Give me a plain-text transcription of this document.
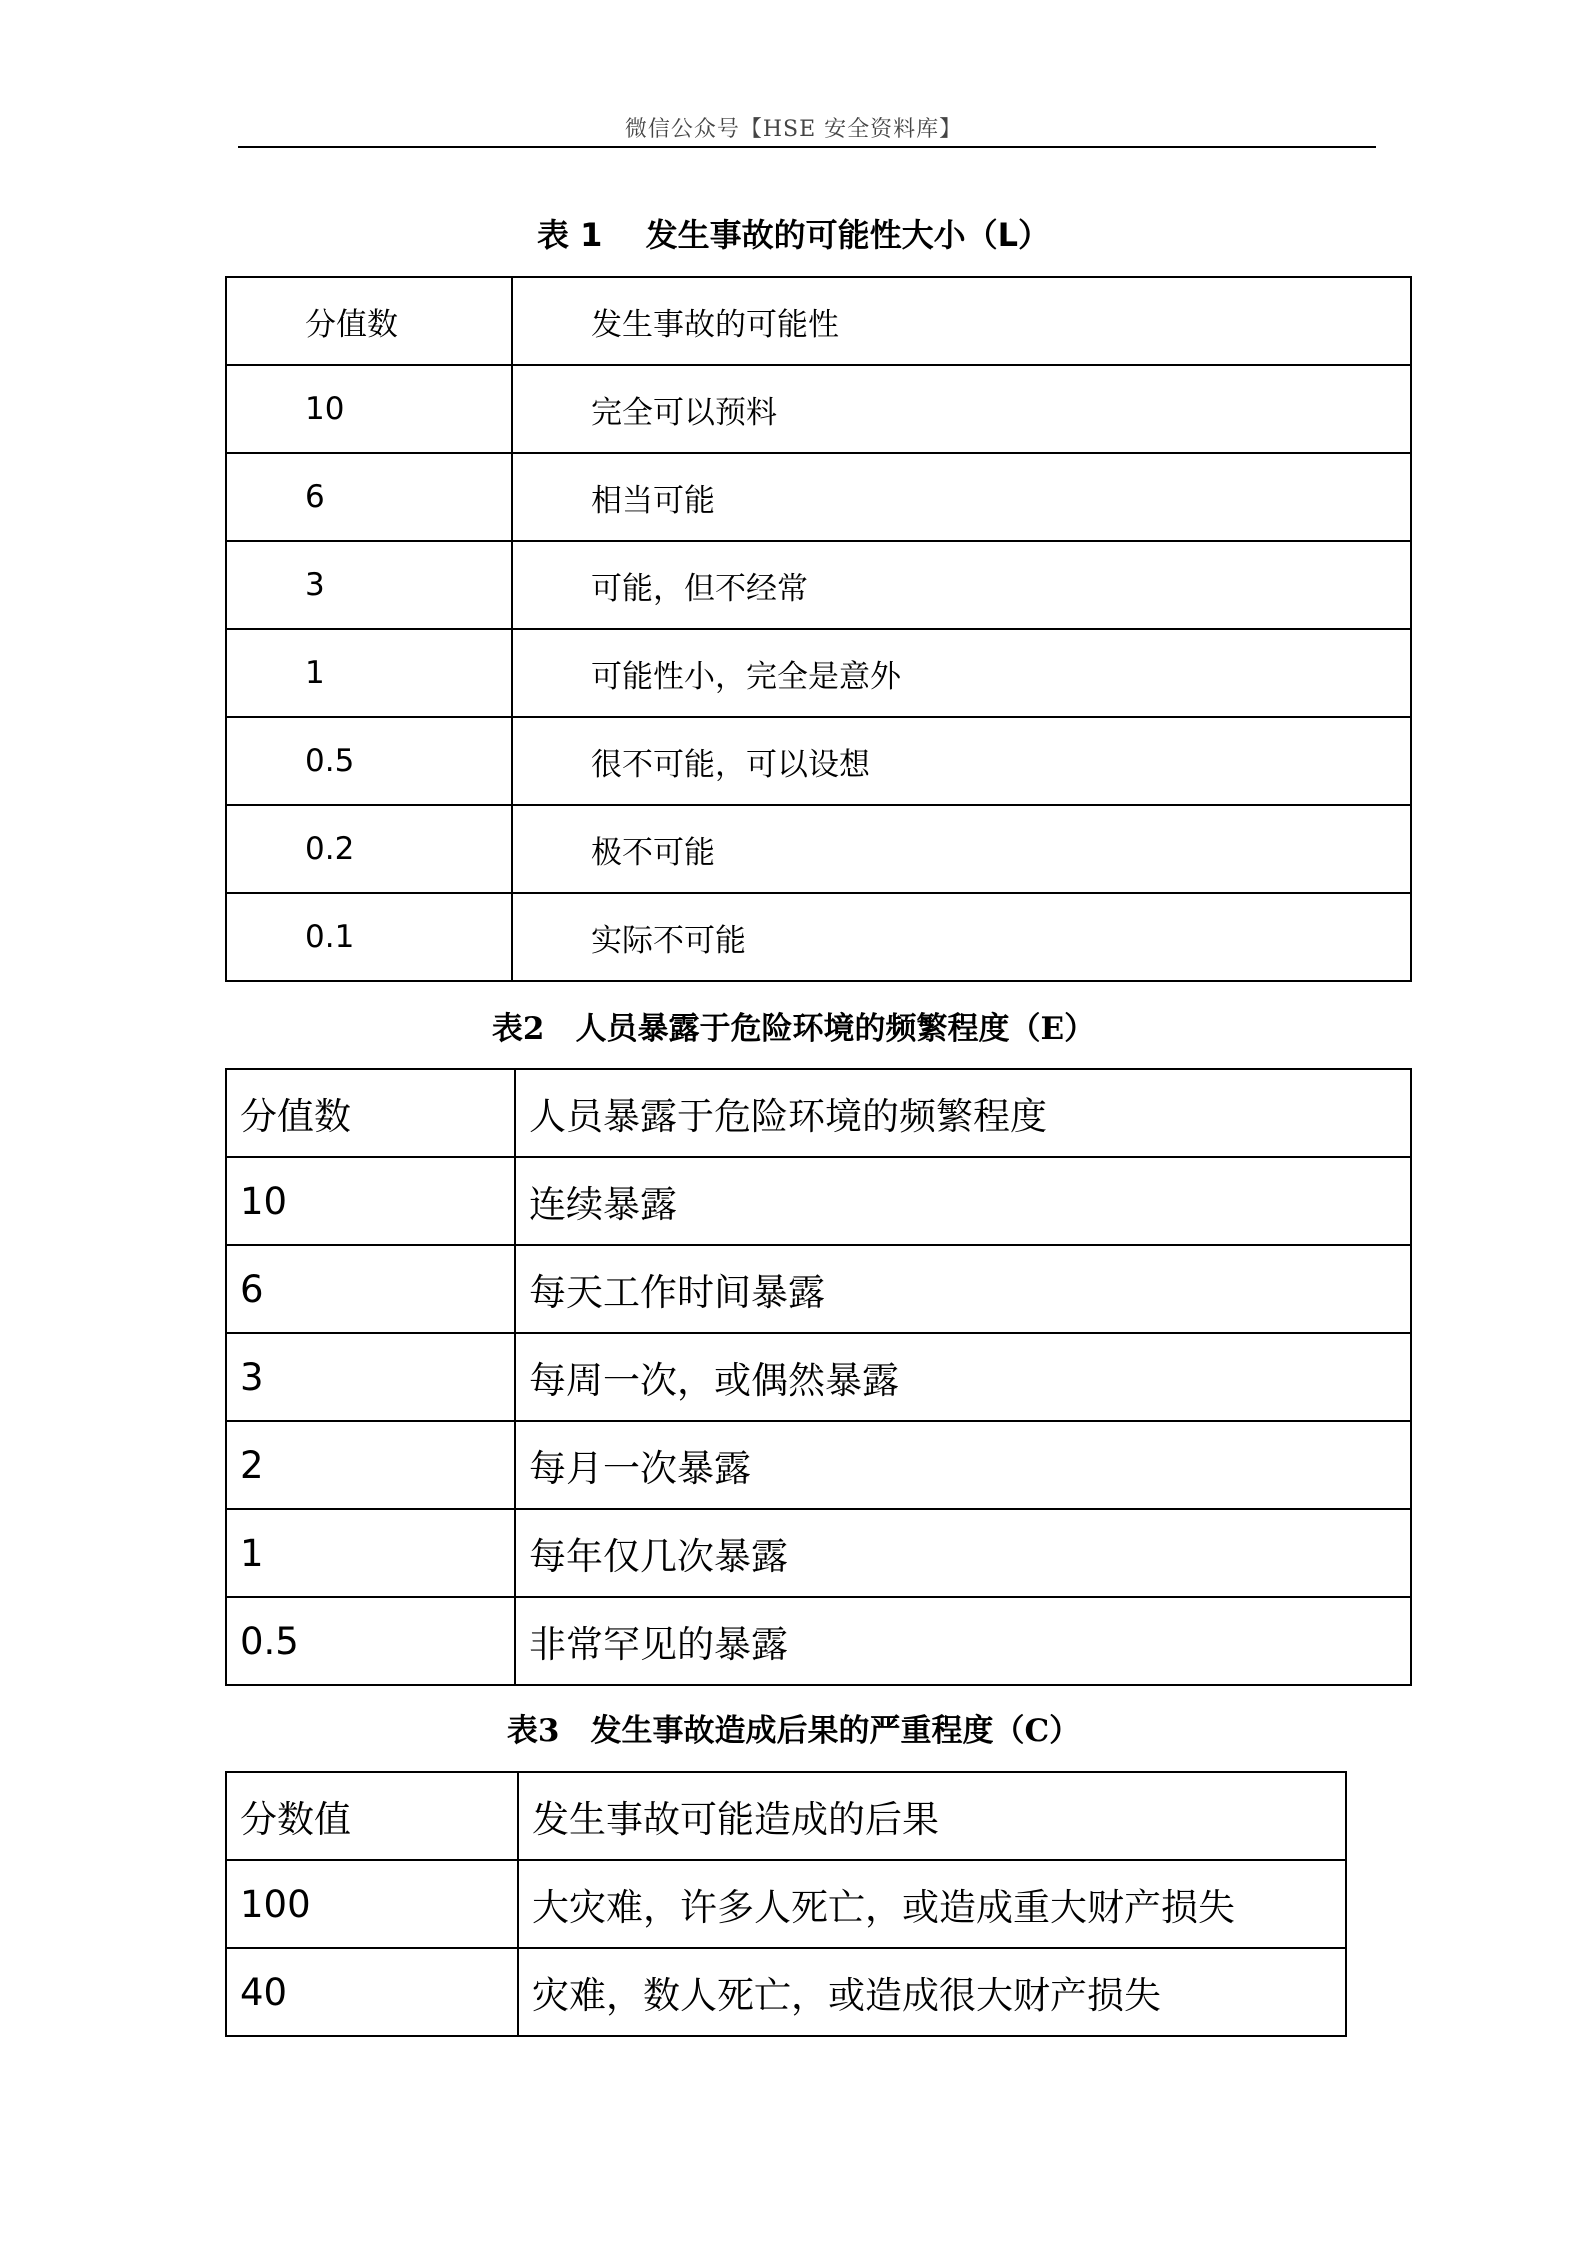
微信公众号【HSE 安全资料库】
表 1　 发生事故的可能性大小（L）
分值数	发生事故的可能性
10	完全可以预料
6	相当可能
3	可能，但不经常
1	可能性小，完全是意外
0.5	很不可能，可以设想
0.2	极不可能
0.1	实际不可能
表2　人员暴露于危险环境的频繁程度（E）
分值数	人员暴露于危险环境的频繁程度
10	连续暴露
6	每天工作时间暴露
3	每周一次，或偶然暴露
2	每月一次暴露
1	每年仅几次暴露
0.5	非常罕见的暴露
表3　发生事故造成后果的严重程度（C）
分数值	发生事故可能造成的后果
100	大灾难，许多人死亡，或造成重大财产损失
40	灾难，数人死亡，或造成很大财产损失
